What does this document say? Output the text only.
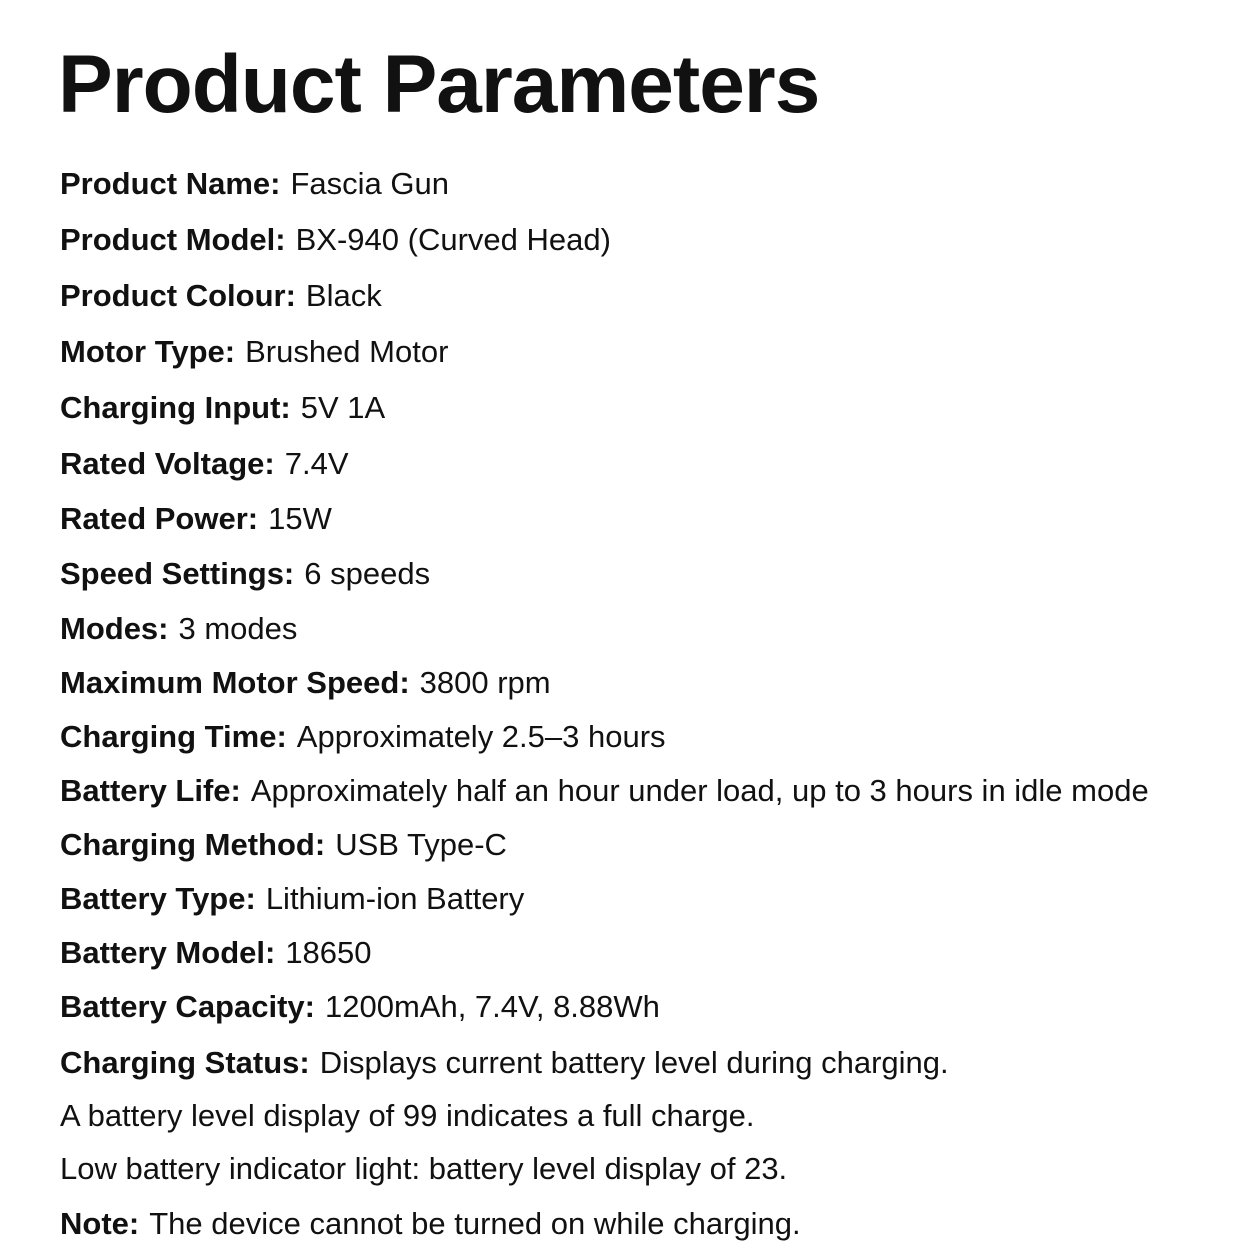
Product Parameters
Product Name: Fascia Gun
Product Model: BX-940 (Curved Head)
Product Colour: Black
Motor Type: Brushed Motor
Charging Input: 5V 1A
Rated Voltage: 7.4V
Rated Power: 15W
Speed Settings: 6 speeds
Modes: 3 modes
Maximum Motor Speed: 3800 rpm
Charging Time: Approximately 2.5–3 hours
Battery Life: Approximately half an hour under load, up to 3 hours in idle mode
Charging Method: USB Type-C
Battery Type: Lithium-ion Battery
Battery Model: 18650
Battery Capacity: 1200mAh, 7.4V, 8.88Wh
Charging Status: Displays current battery level during charging.
A battery level display of 99 indicates a full charge.
Low battery indicator light: battery level display of 23.
Note: The device cannot be turned on while charging.
